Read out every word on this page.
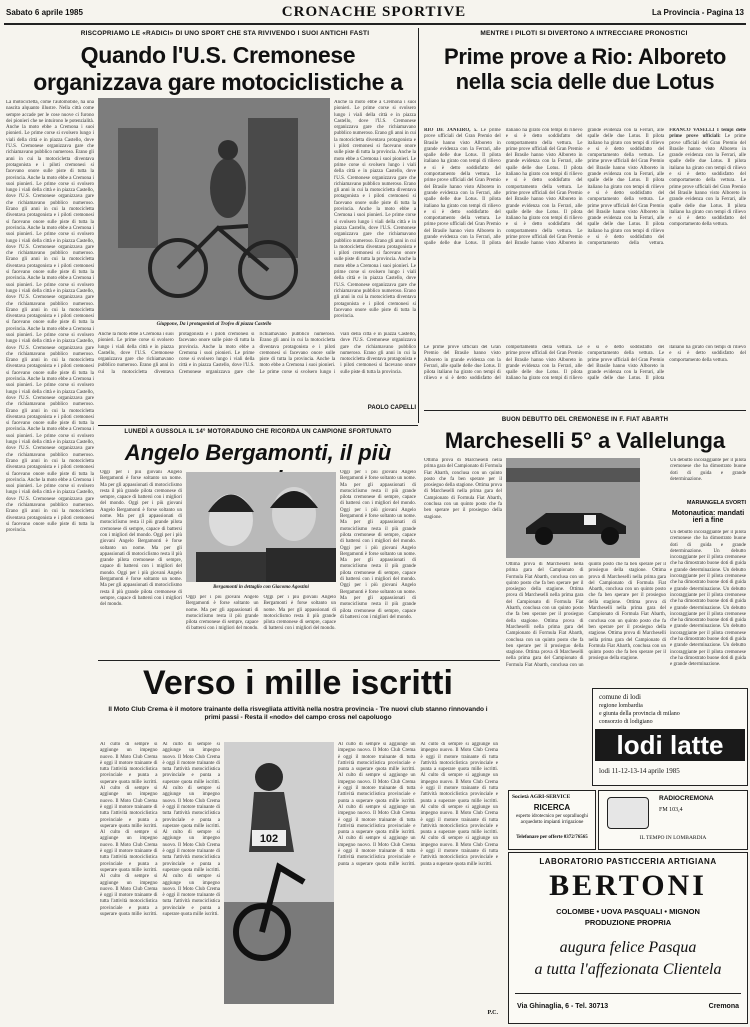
Sabato 6 aprile 1985	CRONACHE SPORTIVE	La Provincia - Pagina 13
RISCOPRIAMO LE «RADICI» DI UNO SPORT CHE STA RIVIVENDO I SUOI ANTICHI FASTI
Quando l'U.S. Cremonese organizzava gare motociclistiche a
La motocicletta, come l'automobile, ha una nascita alquanto illustre. Nella città come sempre accade per le cose nuove ci furono dei pionieri che ne intuirono le potenzialità. Anche la moto ebbe a Cremona i suoi pionieri. Le prime corse si svolsero lungo i viali della città e in piazza Castello, dove l'U.S. Cremonese organizzava gare che richiamavano pubblico numeroso. Erano gli anni in cui la motocicletta diventava protagonista e i piloti cremonesi si facevano onore sulle piste di tutta la provincia. Anche la moto ebbe a Cremona i suoi pionieri. Le prime corse si svolsero lungo i viali della città e in piazza Castello, dove l'U.S. Cremonese organizzava gare che richiamavano pubblico numeroso. Erano gli anni in cui la motocicletta diventava protagonista e i piloti cremonesi si facevano onore sulle piste di tutta la provincia. Anche la moto ebbe a Cremona i suoi pionieri. Le prime corse si svolsero lungo i viali della città e in piazza Castello, dove l'U.S. Cremonese organizzava gare che richiamavano pubblico numeroso. Erano gli anni in cui la motocicletta diventava protagonista e i piloti cremonesi si facevano onore sulle piste di tutta la provincia. Anche la moto ebbe a Cremona i suoi pionieri. Le prime corse si svolsero lungo i viali della città e in piazza Castello, dove l'U.S. Cremonese organizzava gare che richiamavano pubblico numeroso. Erano gli anni in cui la motocicletta diventava protagonista e i piloti cremonesi si facevano onore sulle piste di tutta la provincia. Anche la moto ebbe a Cremona i suoi pionieri. Le prime corse si svolsero lungo i viali della città e in piazza Castello, dove l'U.S. Cremonese organizzava gare che richiamavano pubblico numeroso. Erano gli anni in cui la motocicletta diventava protagonista e i piloti cremonesi si facevano onore sulle piste di tutta la provincia. Anche la moto ebbe a Cremona i suoi pionieri. Le prime corse si svolsero lungo i viali della città e in piazza Castello, dove l'U.S. Cremonese organizzava gare che richiamavano pubblico numeroso. Erano gli anni in cui la motocicletta diventava protagonista e i piloti cremonesi si facevano onore sulle piste di tutta la provincia. Anche la moto ebbe a Cremona i suoi pionieri. Le prime corse si svolsero lungo i viali della città e in piazza Castello, dove l'U.S. Cremonese organizzava gare che richiamavano pubblico numeroso. Erano gli anni in cui la motocicletta diventava protagonista e i piloti cremonesi si facevano onore sulle piste di tutta la provincia. Anche la moto ebbe a Cremona i suoi pionieri. Le prime corse si svolsero lungo i viali della città e in piazza Castello, dove l'U.S. Cremonese organizzava gare che richiamavano pubblico numeroso. Erano gli anni in cui la motocicletta diventava protagonista e i piloti cremonesi si facevano onore sulle piste di tutta la provincia.
Giuppone, Da i protagonisti al Trofeo di piazza Castello
Anche la moto ebbe a Cremona i suoi pionieri. Le prime corse si svolsero lungo i viali della città e in piazza Castello, dove l'U.S. Cremonese organizzava gare che richiamavano pubblico numeroso. Erano gli anni in cui la motocicletta diventava protagonista e i piloti cremonesi si facevano onore sulle piste di tutta la provincia. Anche la moto ebbe a Cremona i suoi pionieri. Le prime corse si svolsero lungo i viali della città e in piazza Castello, dove l'U.S. Cremonese organizzava gare che richiamavano pubblico numeroso. Erano gli anni in cui la motocicletta diventava protagonista e i piloti cremonesi si facevano onore sulle piste di tutta la provincia. Anche la moto ebbe a Cremona i suoi pionieri. Le prime corse si svolsero lungo i viali della città e in piazza Castello, dove l'U.S. Cremonese organizzava gare che richiamavano pubblico numeroso. Erano gli anni in cui la motocicletta diventava protagonista e i piloti cremonesi si facevano onore sulle piste di tutta la provincia. Anche la moto ebbe a Cremona i suoi pionieri. Le prime corse si svolsero lungo i viali della città e in piazza Castello, dove l'U.S. Cremonese organizzava gare che richiamavano pubblico numeroso. Erano gli anni in cui la motocicletta diventava protagonista e i piloti cremonesi si facevano onore sulle piste di tutta la provincia.
Anche la moto ebbe a Cremona i suoi pionieri. Le prime corse si svolsero lungo i viali della città e in piazza Castello, dove l'U.S. Cremonese organizzava gare che richiamavano pubblico numeroso. Erano gli anni in cui la motocicletta diventava protagonista e i piloti cremonesi si facevano onore sulle piste di tutta la provincia. Anche la moto ebbe a Cremona i suoi pionieri. Le prime corse si svolsero lungo i viali della città e in piazza Castello, dove l'U.S. Cremonese organizzava gare che richiamavano pubblico numeroso. Erano gli anni in cui la motocicletta diventava protagonista e i piloti cremonesi si facevano onore sulle piste di tutta la provincia. Anche la moto ebbe a Cremona i suoi pionieri. Le prime corse si svolsero lungo i viali della città e in piazza Castello, dove l'U.S. Cremonese organizzava gare che richiamavano pubblico numeroso. Erano gli anni in cui la motocicletta diventava protagonista e i piloti cremonesi si facevano onore sulle piste di tutta la provincia.
PAOLO CAPELLI
MENTRE I PILOTI SI DIVERTONO A INTRECCIARE PRONOSTICI
Prime prove a Rio: Alboreto nella scia delle due Lotus
RIO DE JANEIRO, 5. Le prime prove ufficiali del Gran Premio del Brasile hanno visto Alboreto in grande evidenza con la Ferrari, alle spalle delle due Lotus. Il pilota italiano ha girato con tempi di rilievo e si è detto soddisfatto del comportamento della vettura. Le prime prove ufficiali del Gran Premio del Brasile hanno visto Alboreto in grande evidenza con la Ferrari, alle spalle delle due Lotus. Il pilota italiano ha girato con tempi di rilievo e si è detto soddisfatto del comportamento della vettura. Le prime prove ufficiali del Gran Premio del Brasile hanno visto Alboreto in grande evidenza con la Ferrari, alle spalle delle due Lotus. Il pilota italiano ha girato con tempi di rilievo e si è detto soddisfatto del comportamento della vettura. Le prime prove ufficiali del Gran Premio del Brasile hanno visto Alboreto in grande evidenza con la Ferrari, alle spalle delle due Lotus. Il pilota italiano ha girato con tempi di rilievo e si è detto soddisfatto del comportamento della vettura. Le prime prove ufficiali del Gran Premio del Brasile hanno visto Alboreto in grande evidenza con la Ferrari, alle spalle delle due Lotus. Il pilota italiano ha girato con tempi di rilievo e si è detto soddisfatto del comportamento della vettura. Le prime prove ufficiali del Gran Premio del Brasile hanno visto Alboreto in grande evidenza con la Ferrari, alle spalle delle due Lotus. Il pilota italiano ha girato con tempi di rilievo e si è detto soddisfatto del comportamento della vettura. Le prime prove ufficiali del Gran Premio del Brasile hanno visto Alboreto in grande evidenza con la Ferrari, alle spalle delle due Lotus. Il pilota italiano ha girato con tempi di rilievo e si è detto soddisfatto del comportamento della vettura. Le prime prove ufficiali del Gran Premio del Brasile hanno visto Alboreto in grande evidenza con la Ferrari, alle spalle delle due Lotus. Il pilota italiano ha girato con tempi di rilievo e si è detto soddisfatto del comportamento della vettura. FRANCO VASELLI I tempi delle prime prove ufficiali: Le prime prove ufficiali del Gran Premio del Brasile hanno visto Alboreto in grande evidenza con la Ferrari, alle spalle delle due Lotus. Il pilota italiano ha girato con tempi di rilievo e si è detto soddisfatto del comportamento della vettura. Le prime prove ufficiali del Gran Premio del Brasile hanno visto Alboreto in grande evidenza con la Ferrari, alle spalle delle due Lotus. Il pilota italiano ha girato con tempi di rilievo e si è detto soddisfatto del comportamento della vettura.
Le prime prove ufficiali del Gran Premio del Brasile hanno visto Alboreto in grande evidenza con la Ferrari, alle spalle delle due Lotus. Il pilota italiano ha girato con tempi di rilievo e si è detto soddisfatto del comportamento della vettura. Le prime prove ufficiali del Gran Premio del Brasile hanno visto Alboreto in grande evidenza con la Ferrari, alle spalle delle due Lotus. Il pilota italiano ha girato con tempi di rilievo e si è detto soddisfatto del comportamento della vettura. Le prime prove ufficiali del Gran Premio del Brasile hanno visto Alboreto in grande evidenza con la Ferrari, alle spalle delle due Lotus. Il pilota italiano ha girato con tempi di rilievo e si è detto soddisfatto del comportamento della vettura.
LUNEDÌ A GUSSOLA IL 14° MOTORADUNO CHE RICORDA UN CAMPIONE SFORTUNATO
Angelo Bergamonti, il più
Oggi per i più giovani Angelo Bergamonti è forse soltanto un nome. Ma per gli appassionati di motociclismo resta il più grande pilota cremonese di sempre, capace di battersi con i migliori del mondo. Oggi per i più giovani Angelo Bergamonti è forse soltanto un nome. Ma per gli appassionati di motociclismo resta il più grande pilota cremonese di sempre, capace di battersi con i migliori del mondo. Oggi per i più giovani Angelo Bergamonti è forse soltanto un nome. Ma per gli appassionati di motociclismo resta il più grande pilota cremonese di sempre, capace di battersi con i migliori del mondo. Oggi per i più giovani Angelo Bergamonti è forse soltanto un nome. Ma per gli appassionati di motociclismo resta il più grande pilota cremonese di sempre, capace di battersi con i migliori del mondo.
Oggi per i più giovani Angelo Bergamonti è forse soltanto un nome. Ma per gli appassionati di motociclismo resta il più grande pilota cremonese di sempre, capace di battersi con i migliori del mondo. Oggi per i più giovani Angelo Bergamonti è forse soltanto un nome. Ma per gli appassionati di motociclismo resta il più grande pilota cremonese di sempre, capace di battersi con i migliori del mondo. Oggi per i più giovani Angelo Bergamonti è forse soltanto un nome. Ma per gli appassionati di motociclismo resta il più grande pilota cremonese di sempre, capace di battersi con i migliori del mondo. Oggi per i più giovani Angelo Bergamonti è forse soltanto un nome. Ma per gli appassionati di motociclismo resta il più grande pilota cremonese di sempre, capace di battersi con i migliori del mondo.
Bergamonti in dettaglio con Giacomo Agostini
Oggi per i più giovani Angelo Bergamonti è forse soltanto un nome. Ma per gli appassionati di motociclismo resta il più grande pilota cremonese di sempre, capace di battersi con i migliori del mondo. Oggi per i più giovani Angelo Bergamonti è forse soltanto un nome. Ma per gli appassionati di motociclismo resta il più grande pilota cremonese di sempre, capace di battersi con i migliori del mondo.
BUON DEBUTTO DEL CREMONESE IN F. FIAT ABARTH
Marcheselli 5° a Vallelunga
Ottima prova di Marcheselli nella prima gara del Campionato di Formula Fiat Abarth, conclusa con un quinto posto che fa ben sperare per il prosieguo della stagione. Ottima prova di Marcheselli nella prima gara del Campionato di Formula Fiat Abarth, conclusa con un quinto posto che fa ben sperare per il prosieguo della stagione.
Ottima prova di Marcheselli nella prima gara del Campionato di Formula Fiat Abarth, conclusa con un quinto posto che fa ben sperare per il prosieguo della stagione. Ottima prova di Marcheselli nella prima gara del Campionato di Formula Fiat Abarth, conclusa con un quinto posto che fa ben sperare per il prosieguo della stagione. Ottima prova di Marcheselli nella prima gara del Campionato di Formula Fiat Abarth, conclusa con un quinto posto che fa ben sperare per il prosieguo della stagione. Ottima prova di Marcheselli nella prima gara del Campionato di Formula Fiat Abarth, conclusa con un quinto posto che fa ben sperare per il prosieguo della stagione. Ottima prova di Marcheselli nella prima gara del Campionato di Formula Fiat Abarth, conclusa con un quinto posto che fa ben sperare per il prosieguo della stagione. Ottima prova di Marcheselli nella prima gara del Campionato di Formula Fiat Abarth, conclusa con un quinto posto che fa ben sperare per il prosieguo della stagione. Ottima prova di Marcheselli nella prima gara del Campionato di Formula Fiat Abarth, conclusa con un quinto posto che fa ben sperare per il prosieguo della stagione.
Un debutto incoraggiante per il pilota cremonese che ha dimostrato buone doti di guida e grande determinazione.
MARIANGELA SVORTI
Motonautica: mandati ieri a fine
Un debutto incoraggiante per il pilota cremonese che ha dimostrato buone doti di guida e grande determinazione. Un debutto incoraggiante per il pilota cremonese che ha dimostrato buone doti di guida e grande determinazione. Un debutto incoraggiante per il pilota cremonese che ha dimostrato buone doti di guida e grande determinazione. Un debutto incoraggiante per il pilota cremonese che ha dimostrato buone doti di guida e grande determinazione. Un debutto incoraggiante per il pilota cremonese che ha dimostrato buone doti di guida e grande determinazione. Un debutto incoraggiante per il pilota cremonese che ha dimostrato buone doti di guida e grande determinazione. Un debutto incoraggiante per il pilota cremonese che ha dimostrato buone doti di guida e grande determinazione.
Verso i mille iscritti
Il Moto Club Crema è il motore trainante della risvegliata attività nella nostra provincia - Tre nuovi club stanno rinnovando i primi passi - Resta il «nodo» del campo cross nel capoluogo
Al culto di sempre si aggiunge un impegno nuovo. Il Moto Club Crema è oggi il motore trainante di tutta l'attività motociclistica provinciale e punta a superare quota mille iscritti. Al culto di sempre si aggiunge un impegno nuovo. Il Moto Club Crema è oggi il motore trainante di tutta l'attività motociclistica provinciale e punta a superare quota mille iscritti. Al culto di sempre si aggiunge un impegno nuovo. Il Moto Club Crema è oggi il motore trainante di tutta l'attività motociclistica provinciale e punta a superare quota mille iscritti. Al culto di sempre si aggiunge un impegno nuovo. Il Moto Club Crema è oggi il motore trainante di tutta l'attività motociclistica provinciale e punta a superare quota mille iscritti. Al culto di sempre si aggiunge un impegno nuovo. Il Moto Club Crema è oggi il motore trainante di tutta l'attività motociclistica provinciale e punta a superare quota mille iscritti. Al culto di sempre si aggiunge un impegno nuovo. Il Moto Club Crema è oggi il motore trainante di tutta l'attività motociclistica provinciale e punta a superare quota mille iscritti. Al culto di sempre si aggiunge un impegno nuovo. Il Moto Club Crema è oggi il motore trainante di tutta l'attività motociclistica provinciale e punta a superare quota mille iscritti. Al culto di sempre si aggiunge un impegno nuovo. Il Moto Club Crema è oggi il motore trainante di tutta l'attività motociclistica provinciale e punta a superare quota mille iscritti.
102
Al culto di sempre si aggiunge un impegno nuovo. Il Moto Club Crema è oggi il motore trainante di tutta l'attività motociclistica provinciale e punta a superare quota mille iscritti. Al culto di sempre si aggiunge un impegno nuovo. Il Moto Club Crema è oggi il motore trainante di tutta l'attività motociclistica provinciale e punta a superare quota mille iscritti. Al culto di sempre si aggiunge un impegno nuovo. Il Moto Club Crema è oggi il motore trainante di tutta l'attività motociclistica provinciale e punta a superare quota mille iscritti. Al culto di sempre si aggiunge un impegno nuovo. Il Moto Club Crema è oggi il motore trainante di tutta l'attività motociclistica provinciale e punta a superare quota mille iscritti. Al culto di sempre si aggiunge un impegno nuovo. Il Moto Club Crema è oggi il motore trainante di tutta l'attività motociclistica provinciale e punta a superare quota mille iscritti. Al culto di sempre si aggiunge un impegno nuovo. Il Moto Club Crema è oggi il motore trainante di tutta l'attività motociclistica provinciale e punta a superare quota mille iscritti. Al culto di sempre si aggiunge un impegno nuovo. Il Moto Club Crema è oggi il motore trainante di tutta l'attività motociclistica provinciale e punta a superare quota mille iscritti. Al culto di sempre si aggiunge un impegno nuovo. Il Moto Club Crema è oggi il motore trainante di tutta l'attività motociclistica provinciale e punta a superare quota mille iscritti.
P.C.
comune di lodi
regione lombardia
e giunta della provincia di milano
consorzio di lodigiano
lodi latte
lodi 11-12-13-14 aprile 1985
Società AGRI-SERVICE
RICERCA
esperto idrotecnico per sopralluoghi acquedotto impianti irrigazione
Telefonare per offerte 0372/76565
RADIOCREMONA
FM 103,4
IL TEMPO IN LOMBARDIA
LABORATORIO PASTICCERIA ARTIGIANA
BERTONI
COLOMBE • UOVA PASQUALI • MIGNON
PRODUZIONE PROPRIA
augura felice Pasqua
a tutta l'affezionata Clientela
Via Ghinaglia, 6 - Tel. 30713	Cremona
